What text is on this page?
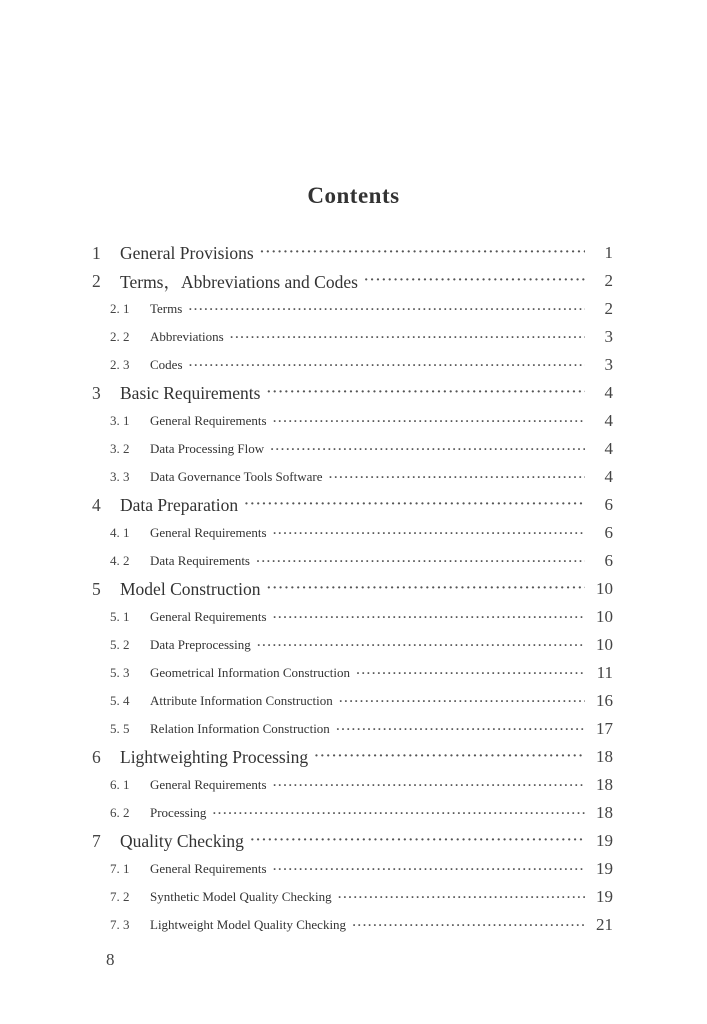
Contents
1	General Provisions ·····	1
2	Terms，Abbreviations and Codes ·····	2
2. 1	Terms ·····	2
2. 2	Abbreviations ·····	3
2. 3	Codes ·····	3
3	Basic Requirements ·····	4
3. 1	General Requirements ·····	4
3. 2	Data Processing Flow ·····	4
3. 3	Data Governance Tools Software ·····	4
4	Data Preparation ·····	6
4. 1	General Requirements ·····	6
4. 2	Data Requirements ·····	6
5	Model Construction ·····	10
5. 1	General Requirements ·····	10
5. 2	Data Preprocessing ·····	10
5. 3	Geometrical Information Construction ·····	11
5. 4	Attribute Information Construction ·····	16
5. 5	Relation Information Construction ·····	17
6	Lightweighting Processing ·····	18
6. 1	General Requirements ·····	18
6. 2	Processing ·····	18
7	Quality Checking ·····	19
7. 1	General Requirements ·····	19
7. 2	Synthetic Model Quality Checking ·····	19
7. 3	Lightweight Model Quality Checking ·····	21
8
